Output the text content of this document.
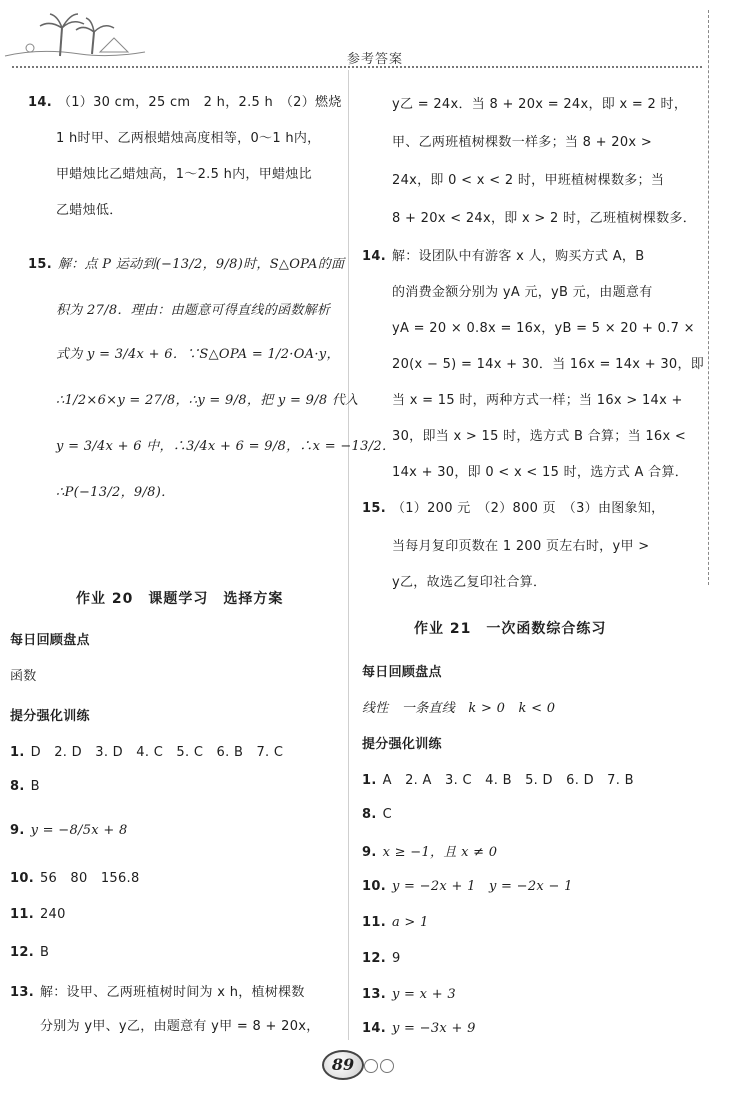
参考答案
14. （1）30 cm，25 cm　2 h，2.5 h　（2）燃烧
1 h时甲、乙两根蜡烛高度相等，0～1 h内，
甲蜡烛比乙蜡烛高，1～2.5 h内，甲蜡烛比
乙蜡烛低．
15. 解：点 P 运动到(−13/2，9/8)时，S△OPA的面
积为 27/8．理由：由题意可得直线的函数解析
式为 y = 3/4x + 6．∵S△OPA = 1/2·OA·y，
∴1/2×6×y = 27/8，∴y = 9/8，把 y = 9/8 代入
y = 3/4x + 6 中，∴3/4x + 6 = 9/8，∴x = −13/2．
∴P(−13/2，9/8)．
作业 20　课题学习　选择方案
每日回顾盘点
函数
提分强化训练
1. D　2. D　3. D　4. C　5. C　6. B　7. C
8. B
9. y = −8/5x + 8
10. 56　80　156.8
11. 240
12. B
13. 解：设甲、乙两班植树时间为 x h，植树棵数
分别为 y甲、y乙，由题意有 y甲 = 8 + 20x，
y乙 = 24x．当 8 + 20x = 24x，即 x = 2 时，
甲、乙两班植树棵数一样多；当 8 + 20x >
24x，即 0 < x < 2 时，甲班植树棵数多；当
8 + 20x < 24x，即 x > 2 时，乙班植树棵数多．
14. 解：设团队中有游客 x 人，购买方式 A，B
的消费金额分别为 yA 元，yB 元，由题意有
yA = 20 × 0.8x = 16x，yB = 5 × 20 + 0.7 ×
20(x − 5) = 14x + 30．当 16x = 14x + 30，即
当 x = 15 时，两种方式一样；当 16x > 14x +
30，即当 x > 15 时，选方式 B 合算；当 16x <
14x + 30，即 0 < x < 15 时，选方式 A 合算．
15. （1）200 元　（2）800 页　（3）由图象知，
当每月复印页数在 1 200 页左右时，y甲 >
y乙，故选乙复印社合算．
作业 21　一次函数综合练习
每日回顾盘点
线性　一条直线　k > 0　k < 0
提分强化训练
1. A　2. A　3. C　4. B　5. D　6. D　7. B
8. C
9. x ≥ −1，且 x ≠ 0
10. y = −2x + 1　y = −2x − 1
11. a > 1
12. 9
13. y = x + 3
14. y = −3x + 9
89
